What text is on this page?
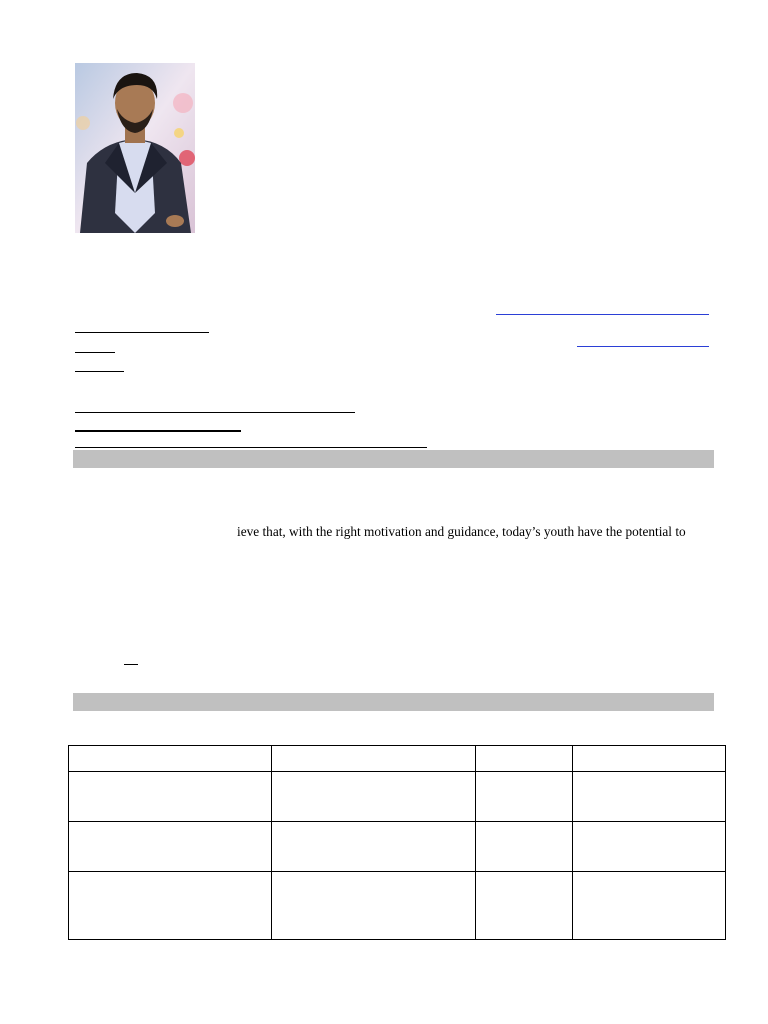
ieve that, with the right motivation and guidance, today’s youth have the potential to
